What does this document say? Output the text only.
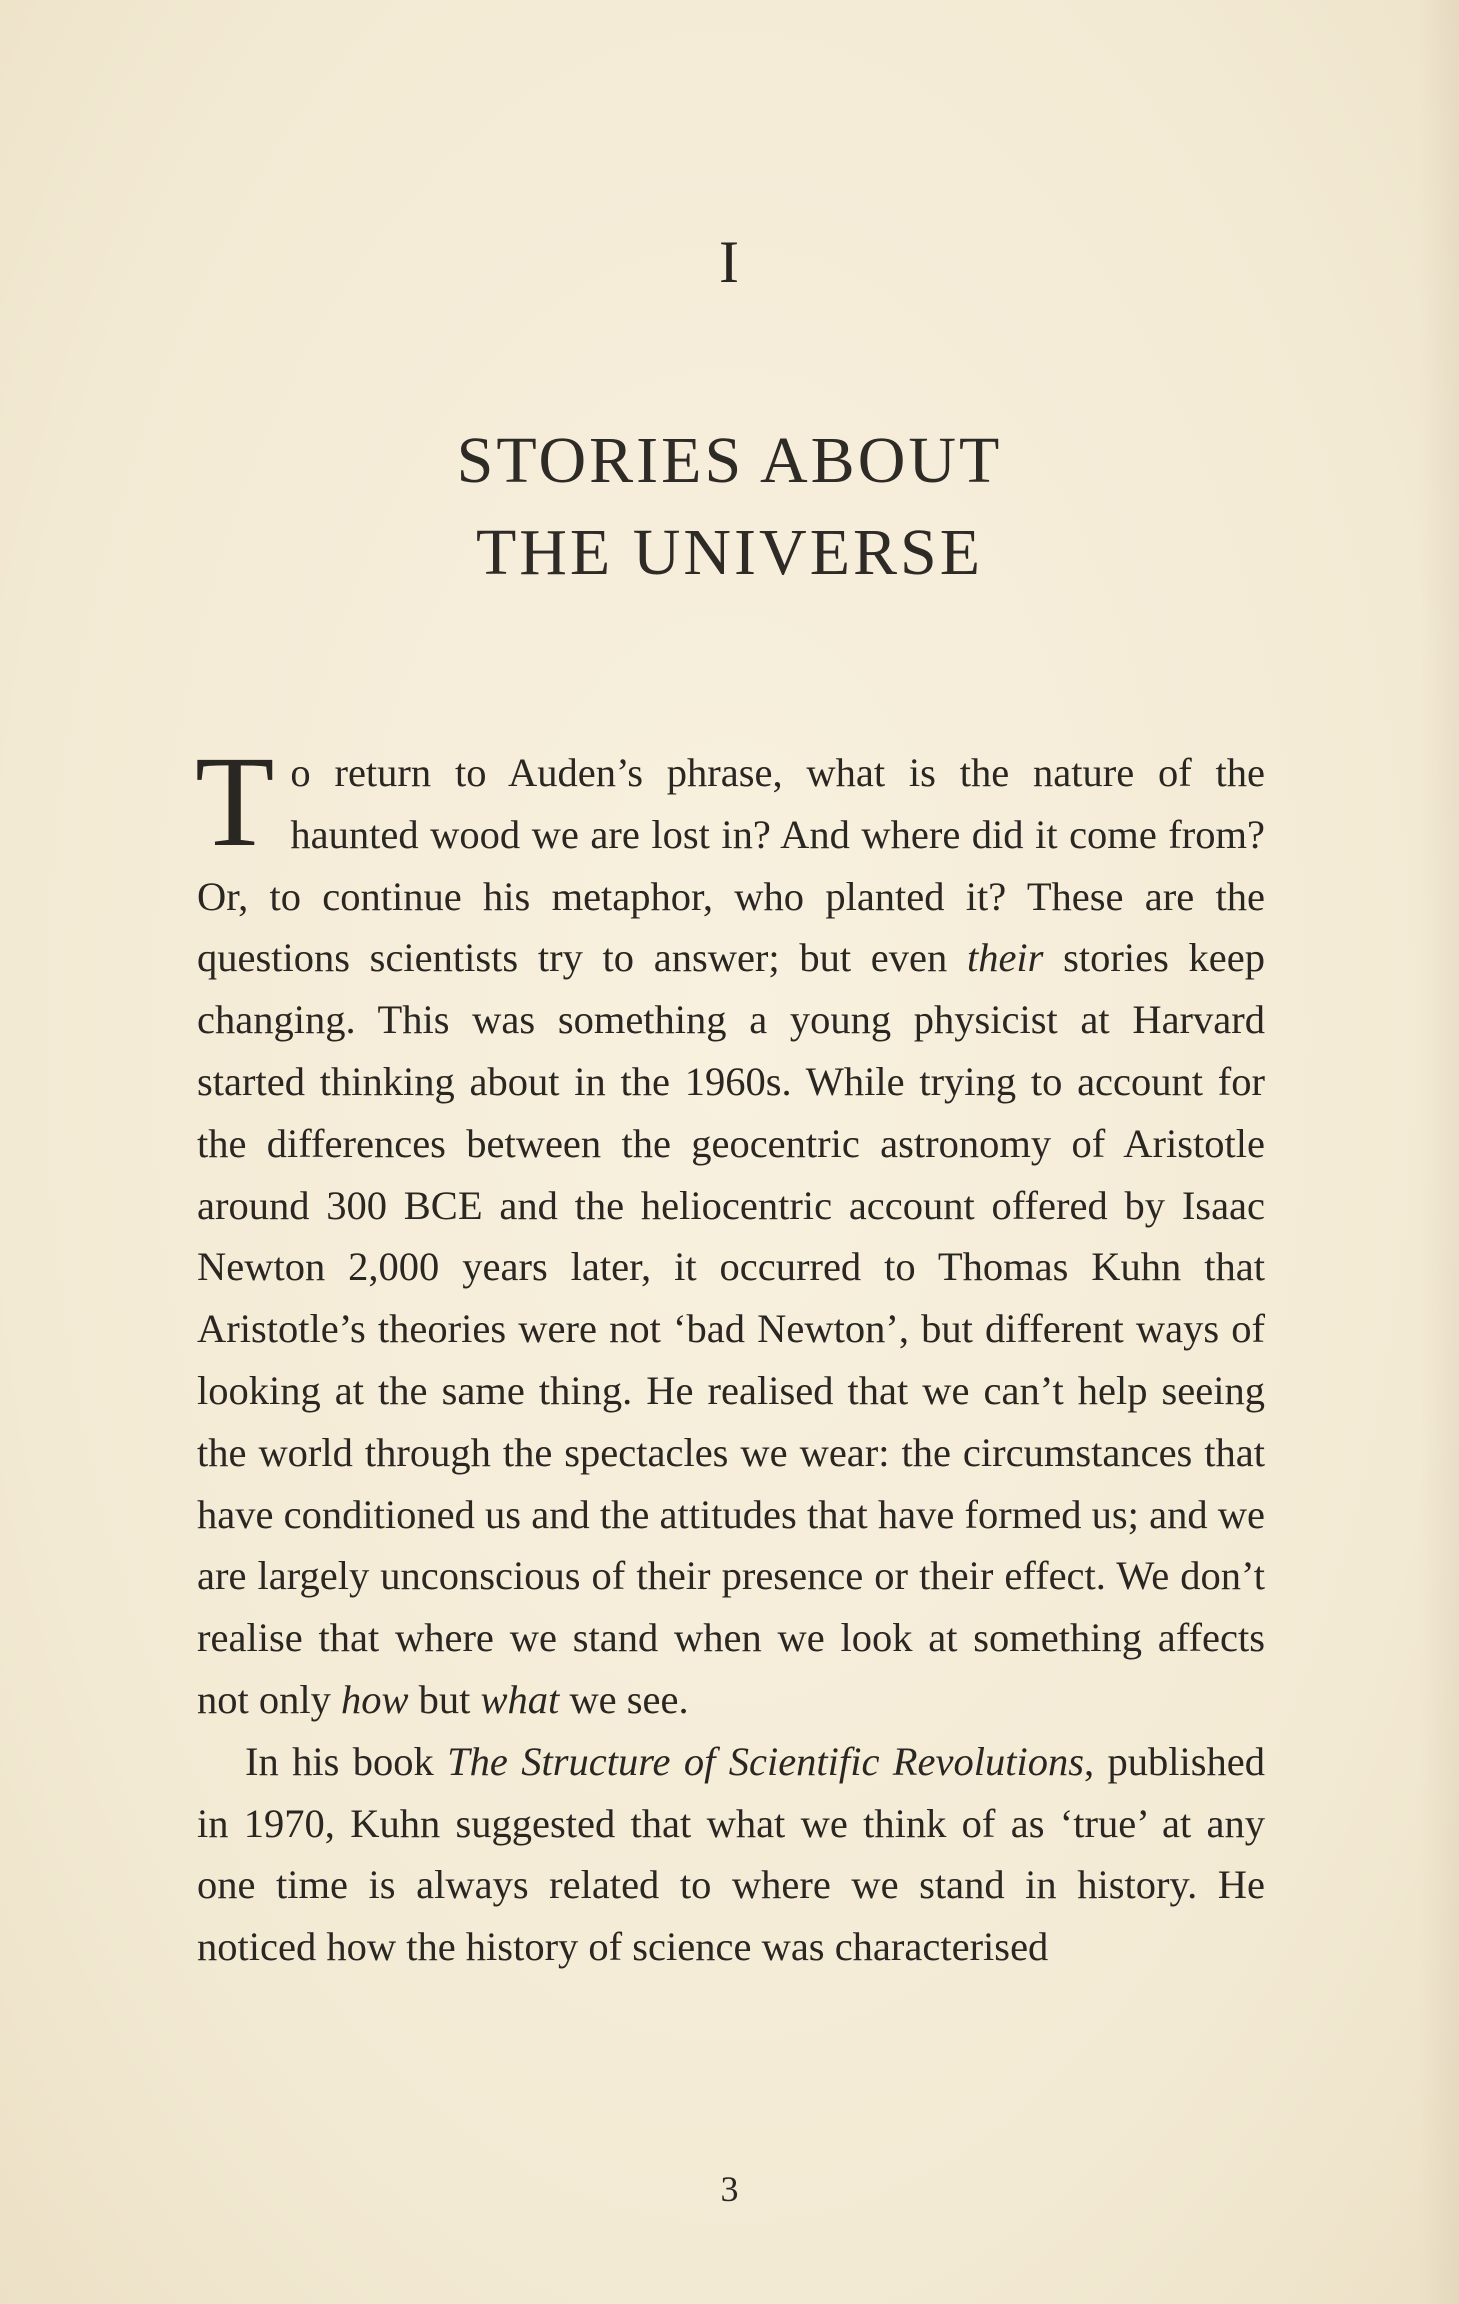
I
STORIES ABOUT
THE UNIVERSE

To return to Auden’s phrase, what is the nature of the haunted wood we are lost in? And where did it come from? Or, to continue his metaphor, who planted it? These are the questions scientists try to answer; but even their stories keep changing. This was something a young physicist at Harvard started thinking about in the 1960s. While trying to account for the differences between the geocentric astronomy of Aristotle around 300 BCE and the heliocentric account offered by Isaac Newton 2,000 years later, it occurred to Thomas Kuhn that Aristotle’s theories were not ‘bad Newton’, but different ways of looking at the same thing. He realised that we can’t help seeing the world through the spectacles we wear: the circumstances that have conditioned us and the attitudes that have formed us; and we are largely unconscious of their presence or their effect. We don’t realise that where we stand when we look at something affects not only how but what we see.

In his book The Structure of Scientific Revolutions, published in 1970, Kuhn suggested that what we think of as ‘true’ at any one time is always related to where we stand in history. He noticed how the history of science was characterised

3
